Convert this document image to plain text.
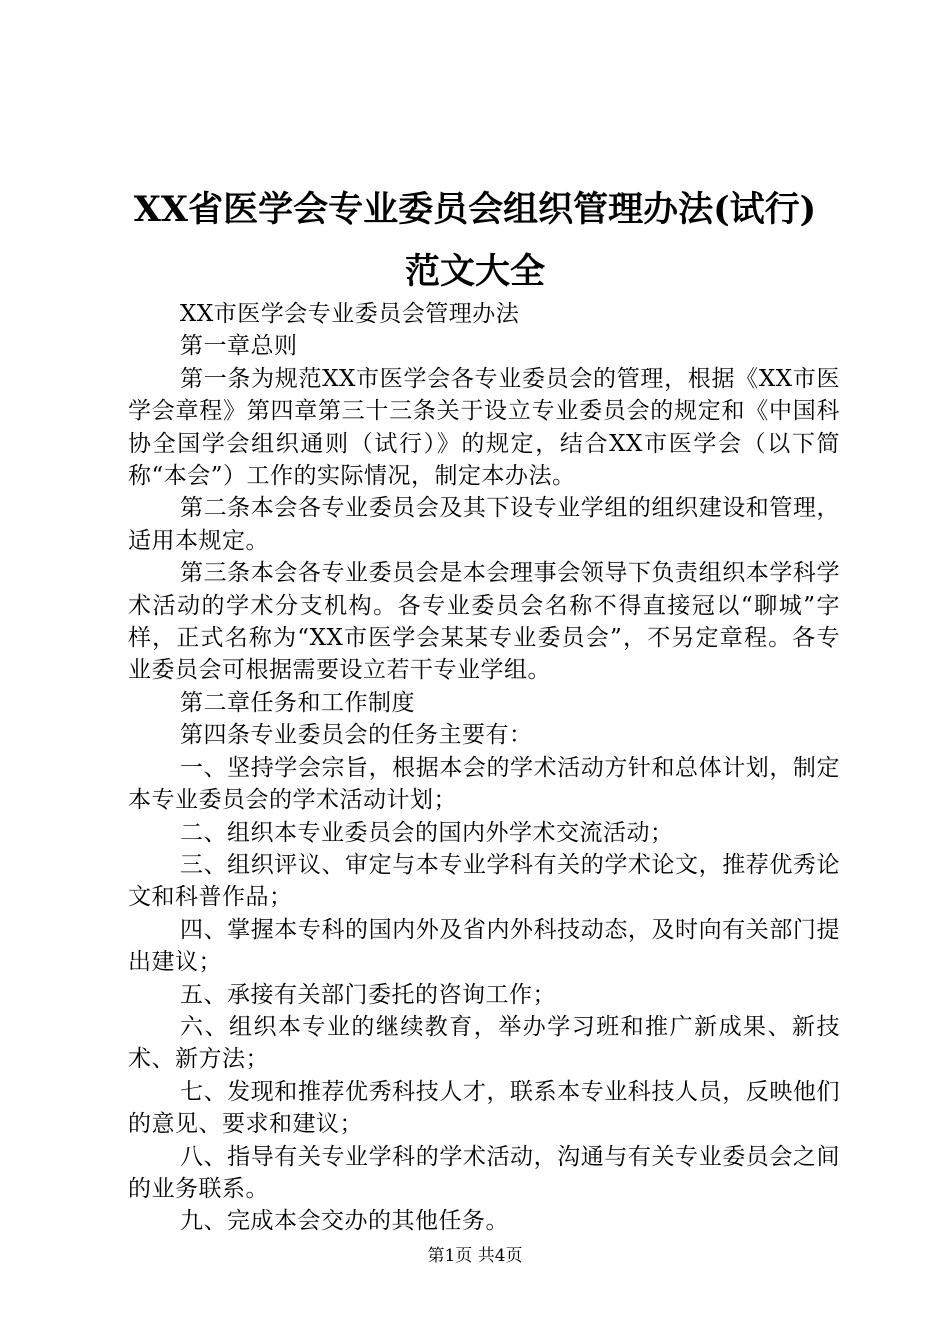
XX省医学会专业委员会组织管理办法(试行)
范文大全

XX市医学会专业委员会管理办法

第一章总则

第一条为规范XX市医学会各专业委员会的管理，根据《XX市医学会章程》第四章第三十三条关于设立专业委员会的规定和《中国科协全国学会组织通则（试行）》的规定，结合XX市医学会（以下简称“本会”）工作的实际情况，制定本办法。

第二条本会各专业委员会及其下设专业学组的组织建设和管理，适用本规定。

第三条本会各专业委员会是本会理事会领导下负责组织本学科学术活动的学术分支机构。各专业委员会名称不得直接冠以“聊城”字样，正式名称为“XX市医学会某某专业委员会”，不另定章程。各专业委员会可根据需要设立若干专业学组。

第二章任务和工作制度

第四条专业委员会的任务主要有：

一、坚持学会宗旨，根据本会的学术活动方针和总体计划，制定本专业委员会的学术活动计划；

二、组织本专业委员会的国内外学术交流活动；

三、组织评议、审定与本专业学科有关的学术论文，推荐优秀论文和科普作品；

四、掌握本专科的国内外及省内外科技动态，及时向有关部门提出建议；

五、承接有关部门委托的咨询工作；

六、组织本专业的继续教育，举办学习班和推广新成果、新技术、新方法；

七、发现和推荐优秀科技人才，联系本专业科技人员，反映他们的意见、要求和建议；

八、指导有关专业学科的学术活动，沟通与有关专业委员会之间的业务联系。

九、完成本会交办的其他任务。

第1页 共4页
